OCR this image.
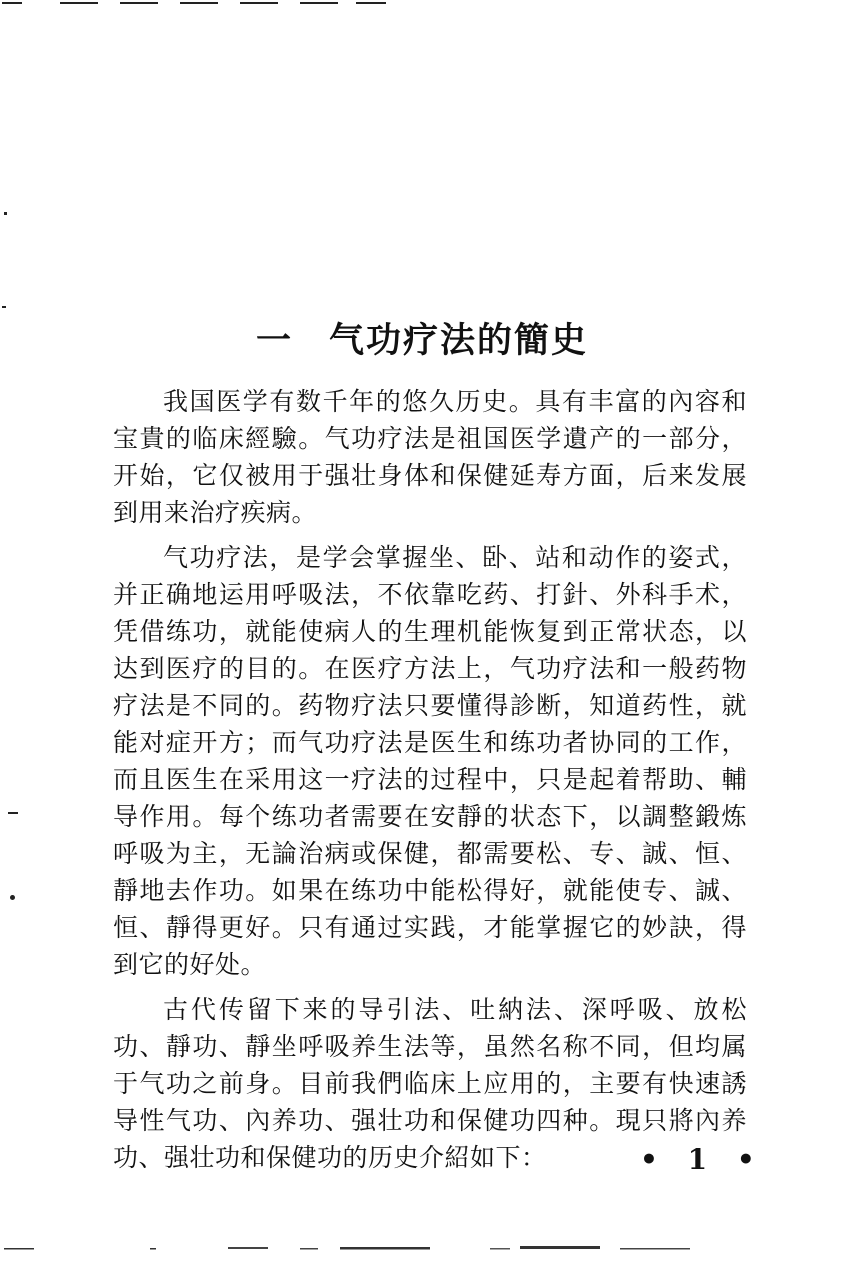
一 气功疗法的簡史

我国医学有数千年的悠久历史。具有丰富的內容和宝貴的临床經驗。气功疗法是祖国医学遺产的一部分，开始，它仅被用于强壮身体和保健延寿方面，后来发展到用来治疗疾病。

气功疗法，是学会掌握坐、卧、站和动作的姿式，并正确地运用呼吸法，不依靠吃药、打針、外科手术，凭借练功，就能使病人的生理机能恢复到正常状态，以达到医疗的目的。在医疗方法上，气功疗法和一般药物疗法是不同的。药物疗法只要懂得診断，知道药性，就能对症开方；而气功疗法是医生和练功者协同的工作，而且医生在采用这一疗法的过程中，只是起着帮助、輔导作用。每个练功者需要在安靜的状态下，以調整鍛炼呼吸为主，无論治病或保健，都需要松、专、誠、恒、靜地去作功。如果在练功中能松得好，就能使专、誠、恒、靜得更好。只有通过实践，才能掌握它的妙訣，得到它的好处。

古代传留下来的导引法、吐納法、深呼吸、放松功、靜功、靜坐呼吸养生法等，虽然名称不同，但均属于气功之前身。目前我們临床上应用的，主要有快速誘导性气功、內养功、强壮功和保健功四种。現只將內养功、强壮功和保健功的历史介紹如下：	• 1 •
